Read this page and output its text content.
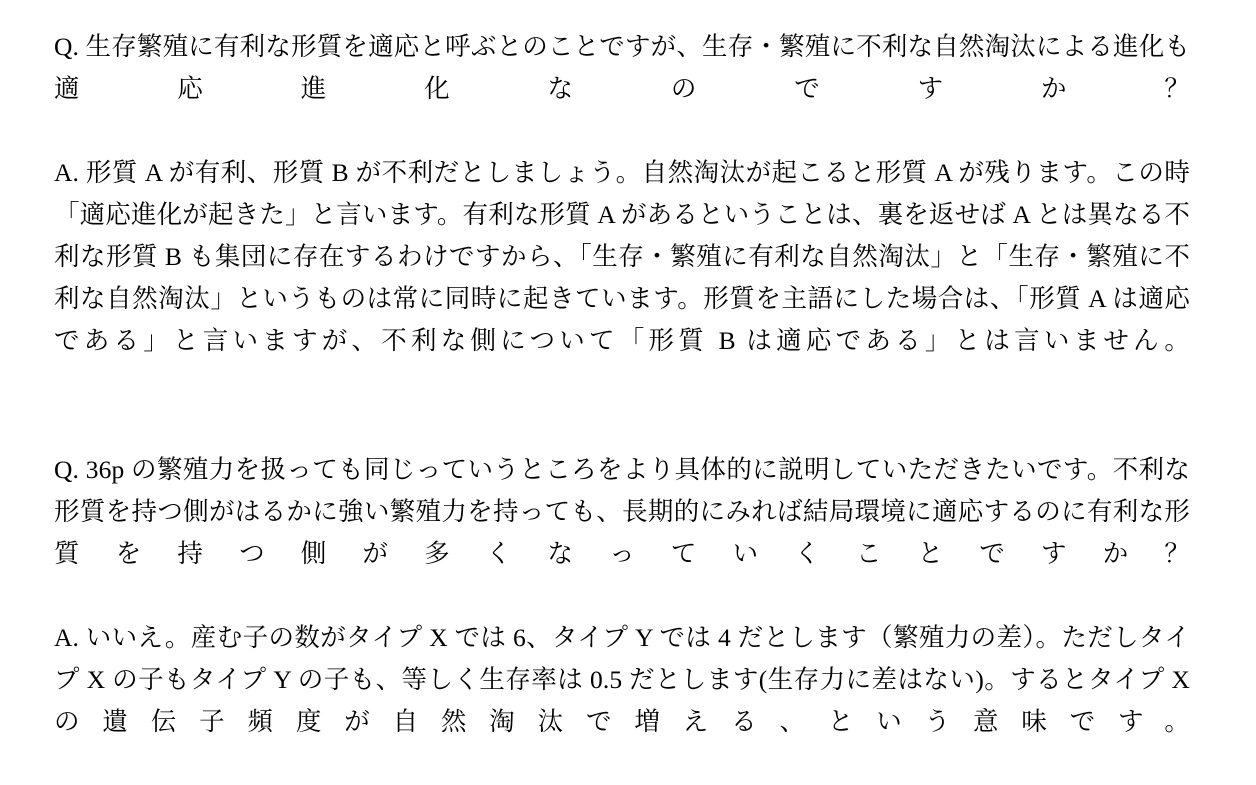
Q. 生存繁殖に有利な形質を適応と呼ぶとのことですが、生存・繁殖に不利な自然淘汰による進化も適応進化なのですか？

A. 形質 A が有利、形質 B が不利だとしましょう。自然淘汰が起こると形質 A が残ります。この時「適応進化が起きた」と言います。有利な形質 A があるということは、裏を返せば A とは異なる不利な形質 B も集団に存在するわけですから、「生存・繁殖に有利な自然淘汰」と「生存・繁殖に不利な自然淘汰」というものは常に同時に起きています。形質を主語にした場合は、「形質 A は適応である」と言いますが、不利な側について「形質 B は適応である」とは言いません。

Q. 36p の繁殖力を扱っても同じっていうところをより具体的に説明していただきたいです。不利な形質を持つ側がはるかに強い繁殖力を持っても、長期的にみれば結局環境に適応するのに有利な形質を持つ側が多くなっていくことですか？

A. いいえ。産む子の数がタイプ X では 6、タイプ Y では 4 だとします（繁殖力の差）。ただしタイプ X の子もタイプ Y の子も、等しく生存率は 0.5 だとします(生存力に差はない)。するとタイプ X の遺伝子頻度が自然淘汰で増える、という意味です。
